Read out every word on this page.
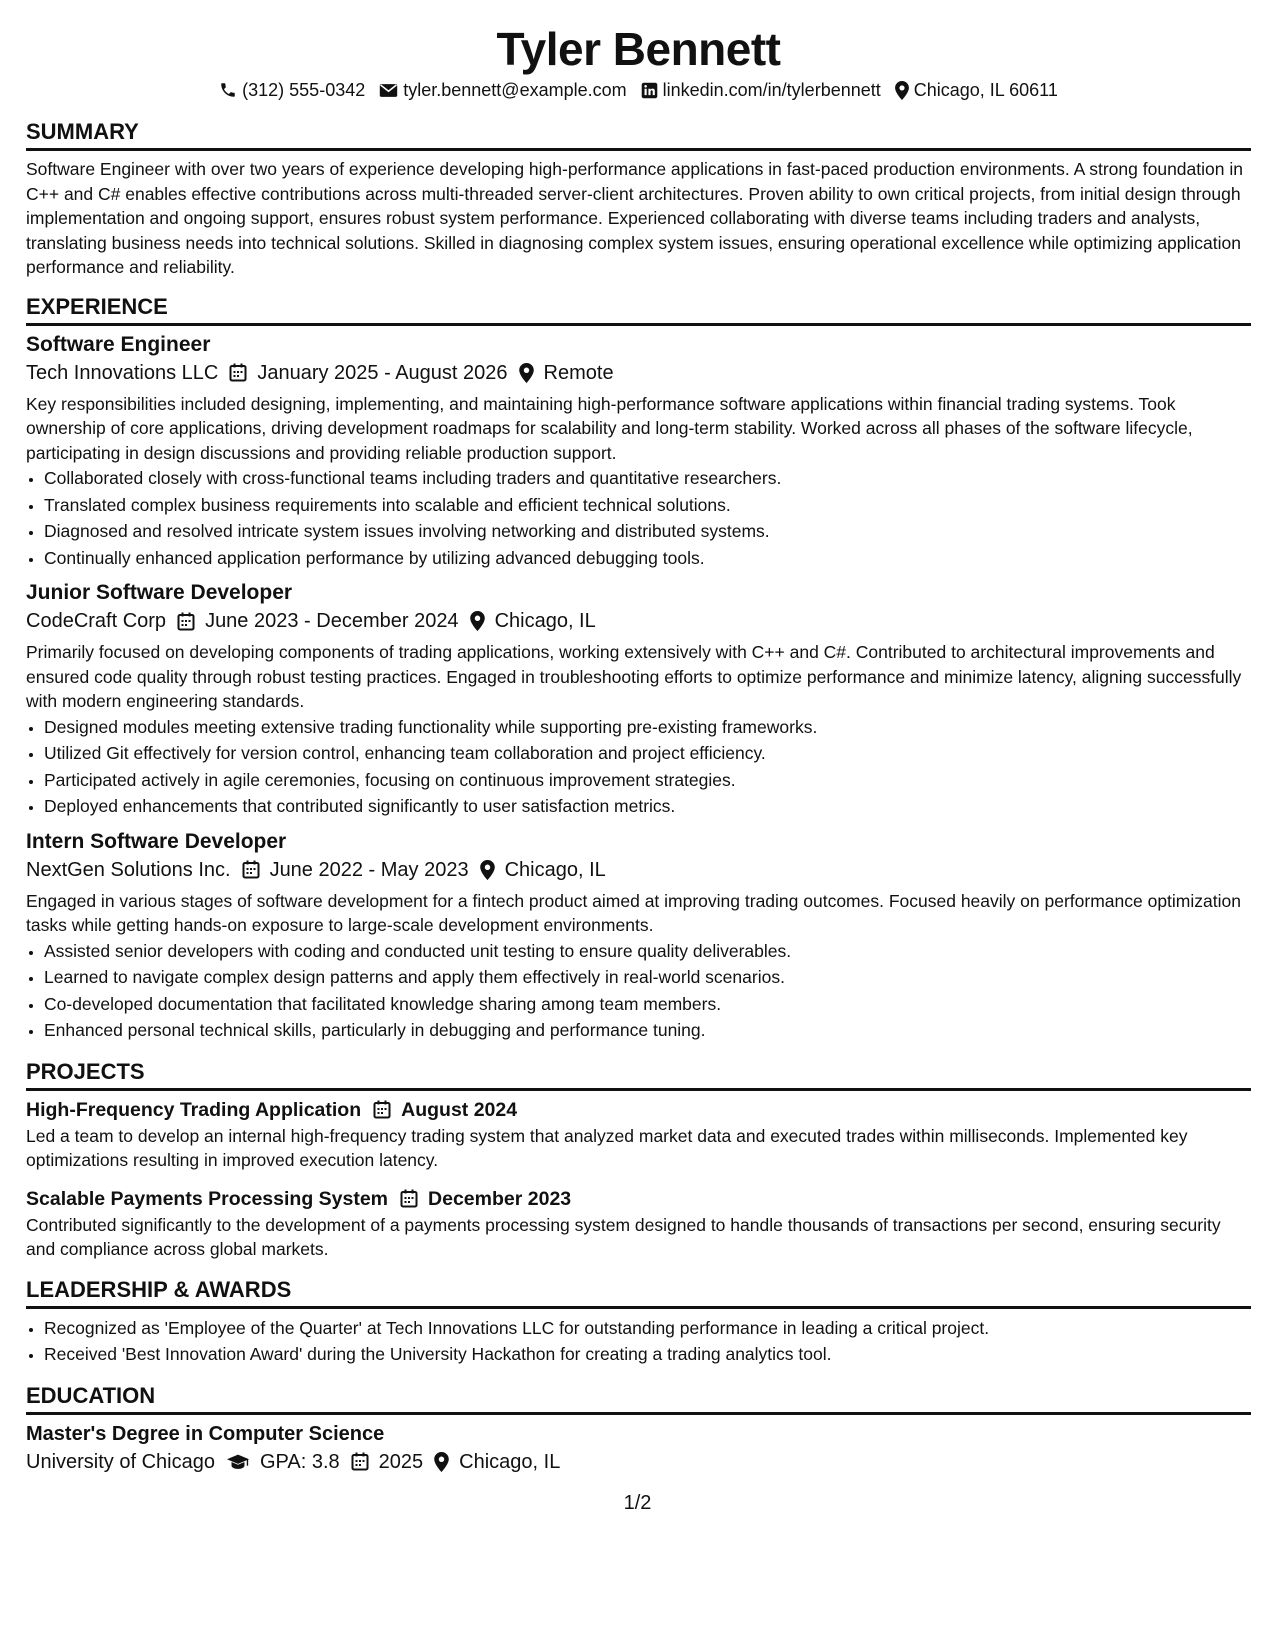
Tyler Bennett
(312) 555-0342 tyler.bennett@example.com linkedin.com/in/tylerbennett Chicago, IL 60611
SUMMARY

Software Engineer with over two years of experience developing high-performance applications in fast-paced production environments. A strong foundation in C++ and C# enables effective contributions across multi-threaded server-client architectures. Proven ability to own critical projects, from initial design through implementation and ongoing support, ensures robust system performance. Experienced collaborating with diverse teams including traders and analysts, translating business needs into technical solutions. Skilled in diagnosing complex system issues, ensuring operational excellence while optimizing application performance and reliability.

EXPERIENCE
Software Engineer
Tech Innovations LLC January 2025 - August 2026 Remote

Key responsibilities included designing, implementing, and maintaining high-performance software applications within financial trading systems. Took ownership of core applications, driving development roadmaps for scalability and long-term stability. Worked across all phases of the software lifecycle, participating in design discussions and providing reliable production support.

• Collaborated closely with cross-functional teams including traders and quantitative researchers.
• Translated complex business requirements into scalable and efficient technical solutions.
• Diagnosed and resolved intricate system issues involving networking and distributed systems.
• Continually enhanced application performance by utilizing advanced debugging tools.
Junior Software Developer
CodeCraft Corp June 2023 - December 2024 Chicago, IL

Primarily focused on developing components of trading applications, working extensively with C++ and C#. Contributed to architectural improvements and ensured code quality through robust testing practices. Engaged in troubleshooting efforts to optimize performance and minimize latency, aligning successfully with modern engineering standards.

• Designed modules meeting extensive trading functionality while supporting pre-existing frameworks.
• Utilized Git effectively for version control, enhancing team collaboration and project efficiency.
• Participated actively in agile ceremonies, focusing on continuous improvement strategies.
• Deployed enhancements that contributed significantly to user satisfaction metrics.
Intern Software Developer
NextGen Solutions Inc. June 2022 - May 2023 Chicago, IL

Engaged in various stages of software development for a fintech product aimed at improving trading outcomes. Focused heavily on performance optimization tasks while getting hands-on exposure to large-scale development environments.

• Assisted senior developers with coding and conducted unit testing to ensure quality deliverables.
• Learned to navigate complex design patterns and apply them effectively in real-world scenarios.
• Co-developed documentation that facilitated knowledge sharing among team members.
• Enhanced personal technical skills, particularly in debugging and performance tuning.
PROJECTS
High-Frequency Trading Application August 2024

Led a team to develop an internal high-frequency trading system that analyzed market data and executed trades within milliseconds. Implemented key optimizations resulting in improved execution latency.

Scalable Payments Processing System December 2023

Contributed significantly to the development of a payments processing system designed to handle thousands of transactions per second, ensuring security and compliance across global markets.

LEADERSHIP & AWARDS
• Recognized as 'Employee of the Quarter' at Tech Innovations LLC for outstanding performance in leading a critical project.
• Received 'Best Innovation Award' during the University Hackathon for creating a trading analytics tool.
EDUCATION
Master's Degree in Computer Science
University of Chicago GPA: 3.8 2025 Chicago, IL
1/2
